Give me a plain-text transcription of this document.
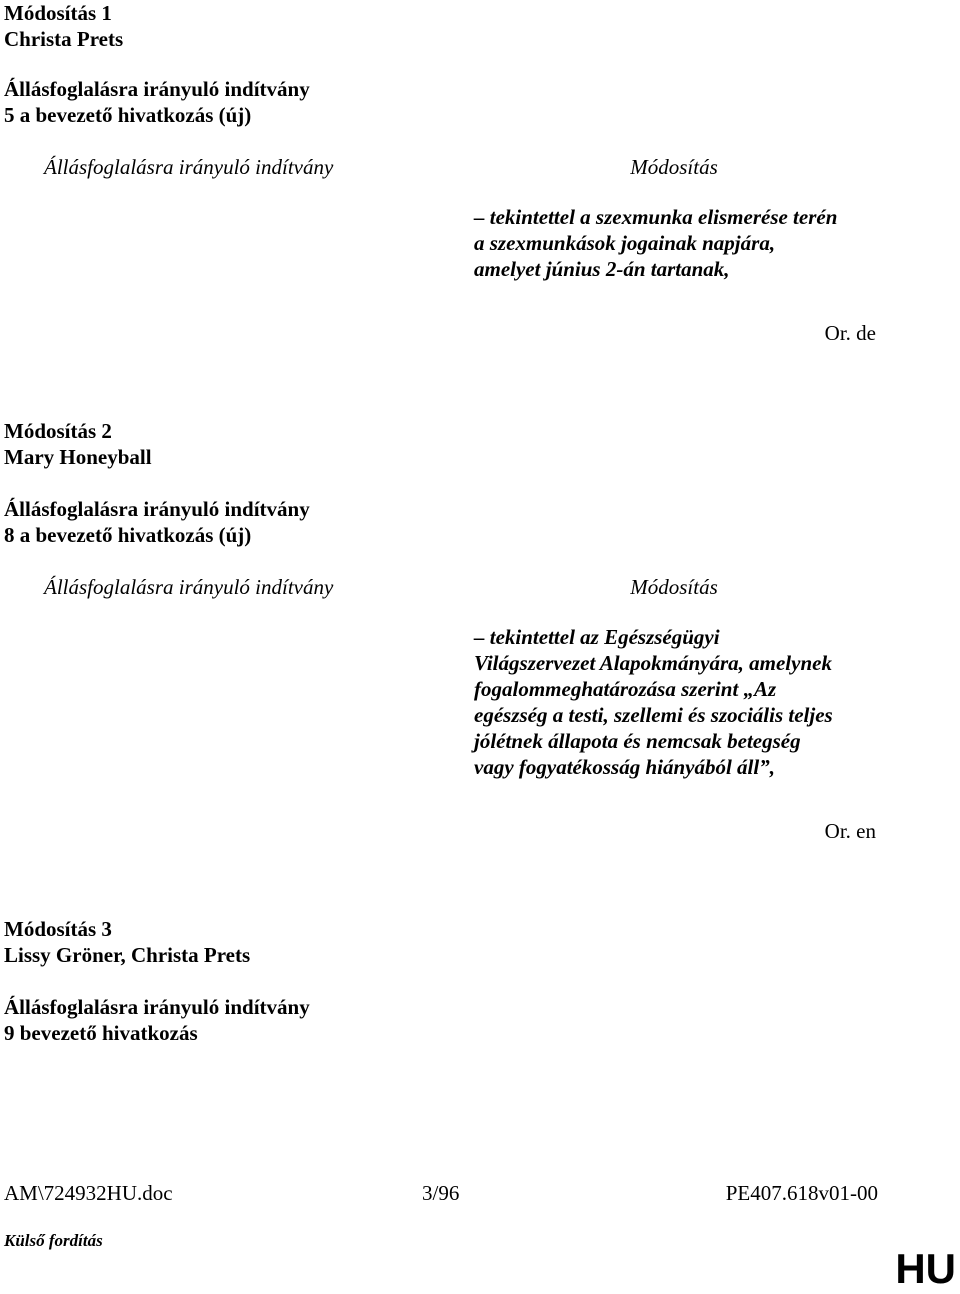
Módosítás 1
Christa Prets
Állásfoglalásra irányuló indítvány
5 a bevezető hivatkozás (új)
Állásfoglalásra irányuló indítvány	Módosítás
– tekintettel a szexmunka elismerése terén
a szexmunkások jogainak napjára,
amelyet június 2-án tartanak,
Or. de
Módosítás 2
Mary Honeyball
Állásfoglalásra irányuló indítvány
8 a bevezető hivatkozás (új)
Állásfoglalásra irányuló indítvány	Módosítás
– tekintettel az Egészségügyi
Világszervezet Alapokmányára, amelynek
fogalommeghatározása szerint „Az
egészség a testi, szellemi és szociális teljes
jólétnek állapota és nemcsak betegség
vagy fogyatékosság hiányából áll”,
Or. en
Módosítás 3
Lissy Gröner, Christa Prets
Állásfoglalásra irányuló indítvány
9 bevezető hivatkozás
AM\724932HU.doc	3/96	PE407.618v01-00
Külső fordítás
HU
